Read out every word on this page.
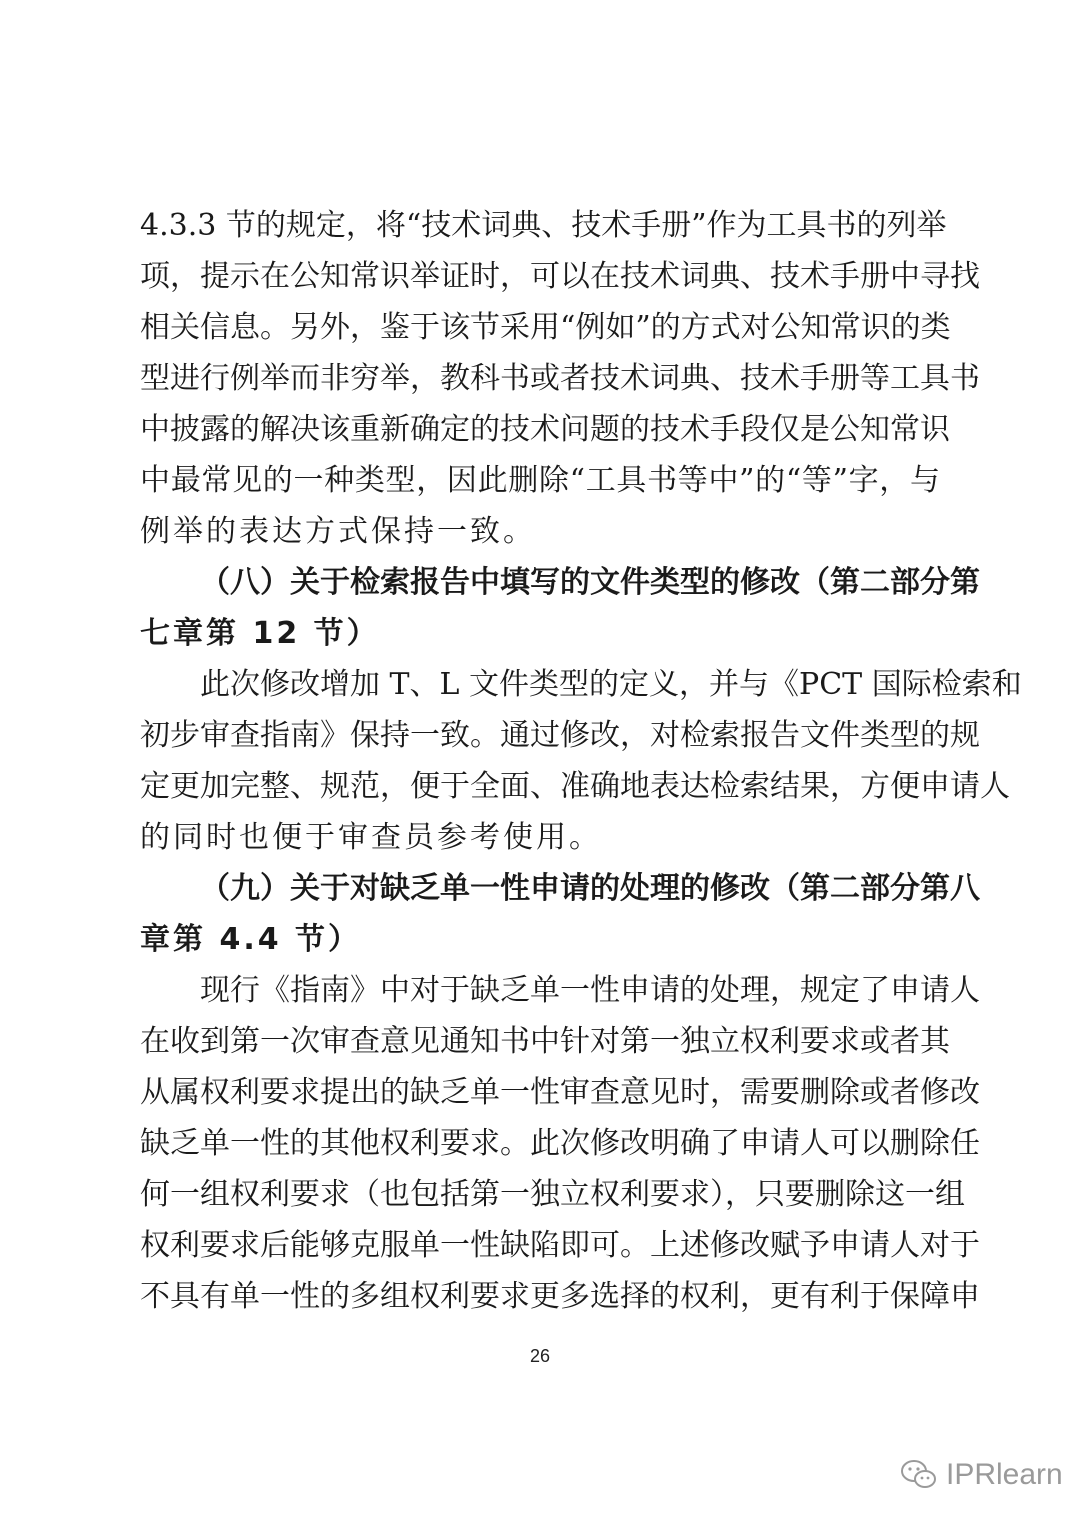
4.3.3 节的规定，将“技术词典、技术手册”作为工具书的列举
项，提示在公知常识举证时，可以在技术词典、技术手册中寻找
相关信息。另外，鉴于该节采用“例如”的方式对公知常识的类
型进行例举而非穷举，教科书或者技术词典、技术手册等工具书
中披露的解决该重新确定的技术问题的技术手段仅是公知常识
中最常见的一种类型，因此删除“工具书等中”的“等”字，与
例举的表达方式保持一致。
（八）关于检索报告中填写的文件类型的修改（第二部分第
七章第 12 节）
此次修改增加 T、L 文件类型的定义，并与《PCT 国际检索和
初步审查指南》保持一致。通过修改，对检索报告文件类型的规
定更加完整、规范，便于全面、准确地表达检索结果，方便申请人
的同时也便于审查员参考使用。
（九）关于对缺乏单一性申请的处理的修改（第二部分第八
章第 4.4 节）
现行《指南》中对于缺乏单一性申请的处理，规定了申请人
在收到第一次审查意见通知书中针对第一独立权利要求或者其
从属权利要求提出的缺乏单一性审查意见时，需要删除或者修改
缺乏单一性的其他权利要求。此次修改明确了申请人可以删除任
何一组权利要求（也包括第一独立权利要求），只要删除这一组
权利要求后能够克服单一性缺陷即可。上述修改赋予申请人对于
不具有单一性的多组权利要求更多选择的权利，更有利于保障申
26
IPRlearn
